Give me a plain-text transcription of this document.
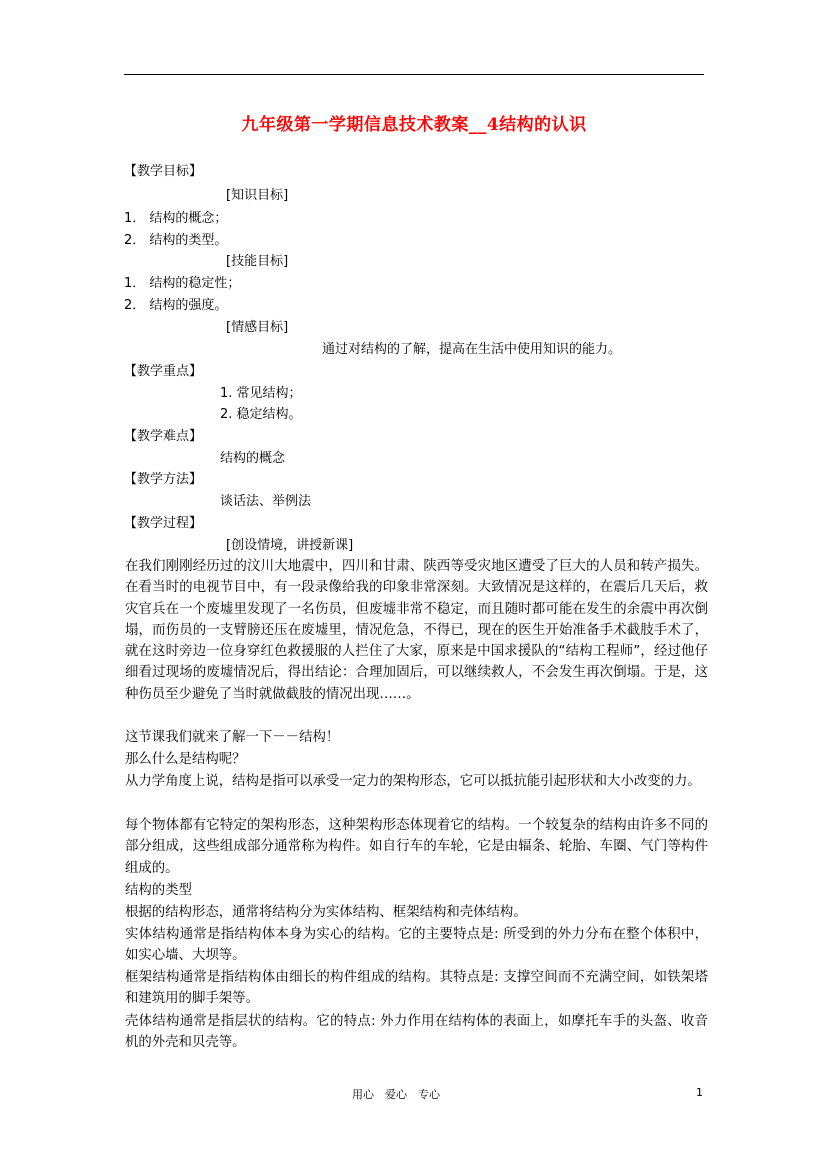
九年级第一学期信息技术教案__4结构的认识
【教学目标】
[知识目标]
1． 结构的概念；
2． 结构的类型。
[技能目标]
1． 结构的稳定性；
2． 结构的强度。
[情感目标]
通过对结构的了解，提高在生活中使用知识的能力。
【教学重点】
1. 常见结构；
2. 稳定结构。
【教学难点】
结构的概念
【教学方法】
谈话法、举例法
【教学过程】
[创设情境，讲授新课]
在我们刚刚经历过的汶川大地震中，四川和甘肃、陕西等受灾地区遭受了巨大的人员和转产损失。在看当时的电视节目中，有一段录像给我的印象非常深刻。大致情况是这样的，在震后几天后，救灾官兵在一个废墟里发现了一名伤员，但废墟非常不稳定，而且随时都可能在发生的余震中再次倒塌，而伤员的一支臂膀还压在废墟里，情况危急，不得已，现在的医生开始准备手术截肢手术了，就在这时旁边一位身穿红色救援服的人拦住了大家，原来是中国求援队的“结构工程师”，经过他仔细看过现场的废墟情况后，得出结论：合理加固后，可以继续救人，不会发生再次倒塌。于是，这种伤员至少避免了当时就做截肢的情况出现……。
这节课我们就来了解一下－－结构！
那么什么是结构呢？
从力学角度上说，结构是指可以承受一定力的架构形态，它可以抵抗能引起形状和大小改变的力。
每个物体都有它特定的架构形态，这种架构形态体现着它的结构。一个较复杂的结构由许多不同的部分组成，这些组成部分通常称为构件。如自行车的车轮，它是由辐条、轮胎、车圈、气门等构件组成的。
结构的类型
根据的结构形态，通常将结构分为实体结构、框架结构和壳体结构。
实体结构通常是指结构体本身为实心的结构。它的主要特点是: 所受到的外力分布在整个体积中，如实心墙、大坝等。
框架结构通常是指结构体由细长的构件组成的结构。其特点是: 支撑空间而不充满空间，如铁架塔和建筑用的脚手架等。
壳体结构通常是指层状的结构。它的特点: 外力作用在结构体的表面上，如摩托车手的头盔、收音机的外壳和贝壳等。
用心　爱心　专心	1
